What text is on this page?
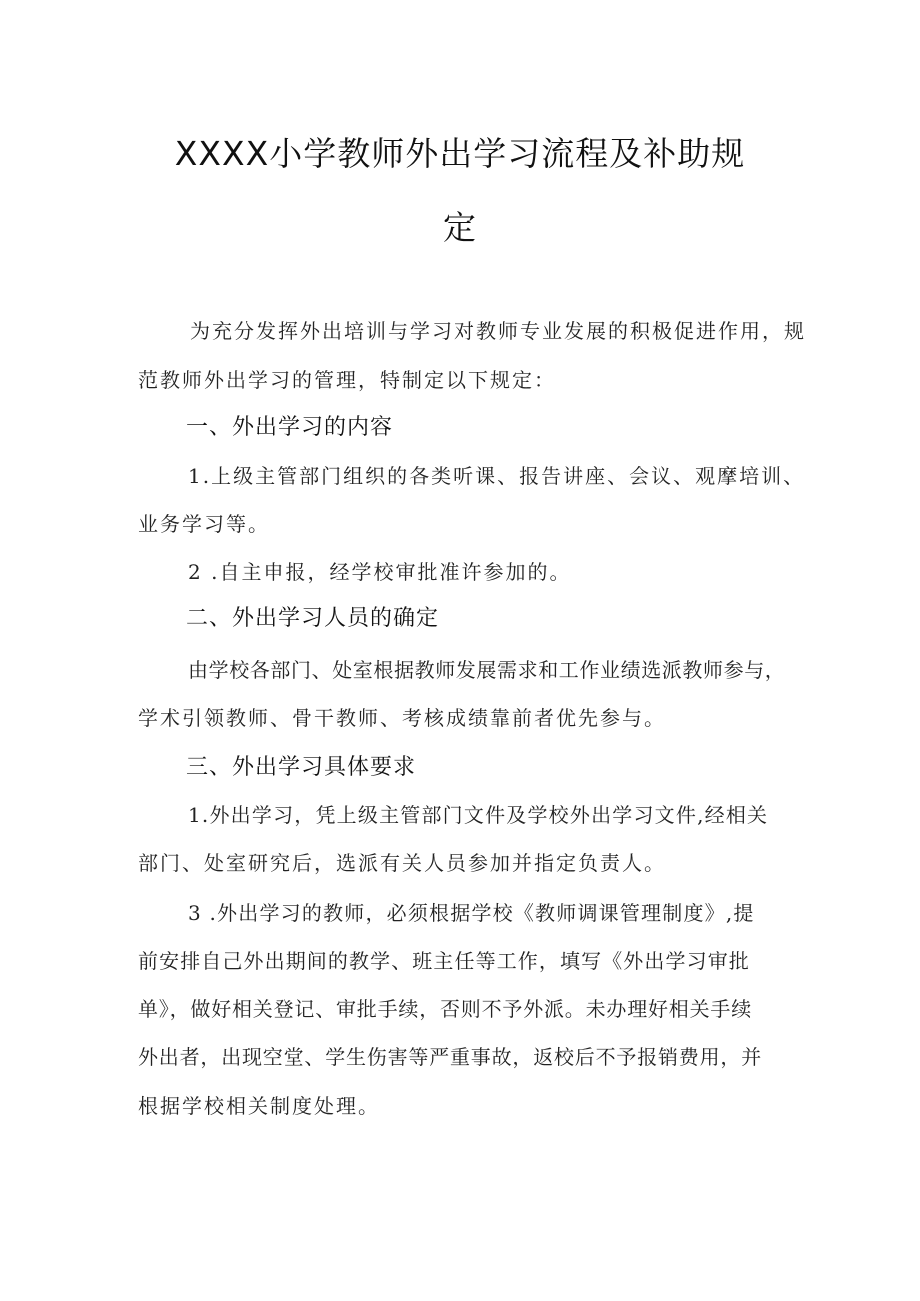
XXXX小学教师外出学习流程及补助规
定
为充分发挥外出培训与学习对教师专业发展的积极促进作用，规
范教师外出学习的管理，特制定以下规定：
一、外出学习的内容
1.上级主管部门组织的各类听课、报告讲座、会议、观摩培训、
业务学习等。
2 .自主申报，经学校审批准许参加的。
二、外出学习人员的确定
由学校各部门、处室根据教师发展需求和工作业绩选派教师参与，
学术引领教师、骨干教师、考核成绩靠前者优先参与。
三、外出学习具体要求
1.外出学习，凭上级主管部门文件及学校外出学习文件,经相关
部门、处室研究后，选派有关人员参加并指定负责人。
3 .外出学习的教师，必须根据学校《教师调课管理制度》,提
前安排自己外出期间的教学、班主任等工作，填写《外出学习审批
单》，做好相关登记、审批手续，否则不予外派。未办理好相关手续
外出者，出现空堂、学生伤害等严重事故，返校后不予报销费用，并
根据学校相关制度处理。
